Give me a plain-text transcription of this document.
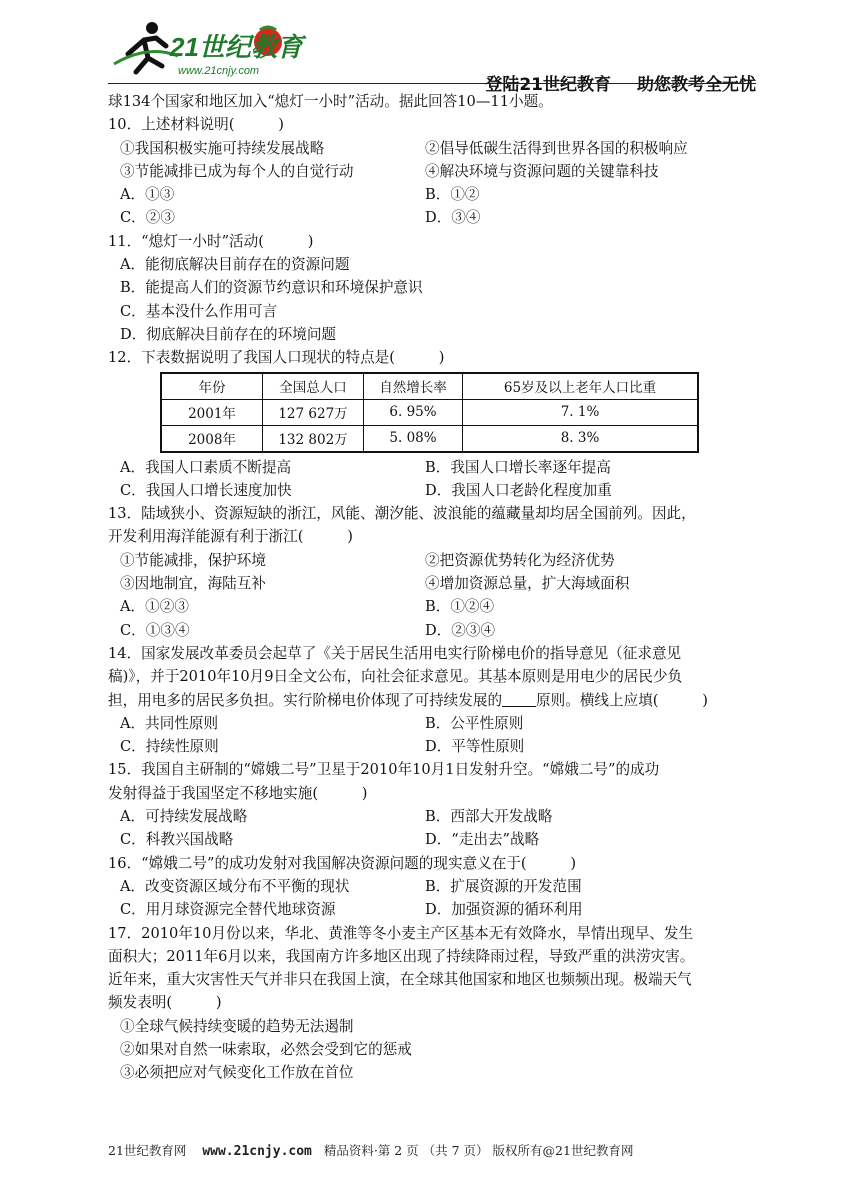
21世纪教育
www.21cnjy.com
登陆21世纪教育 助您教考全无忧
球134个国家和地区加入“熄灯一小时”活动。据此回答10—11小题。
10．上述材料说明(　　　)
①我国积极实施可持续发展战略	②倡导低碳生活得到世界各国的积极响应
③节能减排已成为每个人的自觉行动	④解决环境与资源问题的关键靠科技
A．①③	B．①②
C．②③	D．③④
11．“熄灯一小时”活动(　　　)
A．能彻底解决目前存在的资源问题
B．能提高人们的资源节约意识和环境保护意识
C．基本没什么作用可言
D．彻底解决目前存在的环境问题
12．下表数据说明了我国人口现状的特点是(　　　)
年份	全国总人口	自然增长率	65岁及以上老年人口比重
2001年	127 627万	6. 95%	7. 1%
2008年	132 802万	5. 08%	8. 3%
A．我国人口素质不断提高	B．我国人口增长率逐年提高
C．我国人口增长速度加快	D．我国人口老龄化程度加重
13．陆域狭小、资源短缺的浙江，风能、潮汐能、波浪能的蕴藏量却均居全国前列。因此，
开发利用海洋能源有利于浙江(　　　)
①节能减排，保护环境	②把资源优势转化为经济优势
③因地制宜，海陆互补	④增加资源总量，扩大海域面积
A．①②③	B．①②④
C．①③④	D．②③④
14．国家发展改革委员会起草了《关于居民生活用电实行阶梯电价的指导意见（征求意见
稿)》，并于2010年10月9日全文公布，向社会征求意见。其基本原则是用电少的居民少负
担，用电多的居民多负担。实行阶梯电价体现了可持续发展的 原则。横线上应填(　　　)
A．共同性原则	B．公平性原则
C．持续性原则	D．平等性原则
15．我国自主研制的“嫦娥二号”卫星于2010年10月1日发射升空。“嫦娥二号”的成功
发射得益于我国坚定不移地实施(　　　)
A．可持续发展战略	B．西部大开发战略
C．科教兴国战略	D．“走出去”战略
16．“嫦娥二号”的成功发射对我国解决资源问题的现实意义在于(　　　)
A．改变资源区域分布不平衡的现状	B．扩展资源的开发范围
C．用月球资源完全替代地球资源	D．加强资源的循环利用
17．2010年10月份以来，华北、黄淮等冬小麦主产区基本无有效降水，旱情出现早、发生
面积大；2011年6月以来，我国南方许多地区出现了持续降雨过程，导致严重的洪涝灾害。
近年来，重大灾害性天气并非只在我国上演，在全球其他国家和地区也频频出现。极端天气
频发表明(　　　)
①全球气候持续变暖的趋势无法遏制
②如果对自然一味索取，必然会受到它的惩戒
③必须把应对气候变化工作放在首位
21世纪教育网 www.21cnjy.com 精品资料·第 2 页 （共 7 页） 版权所有@21世纪教育网
